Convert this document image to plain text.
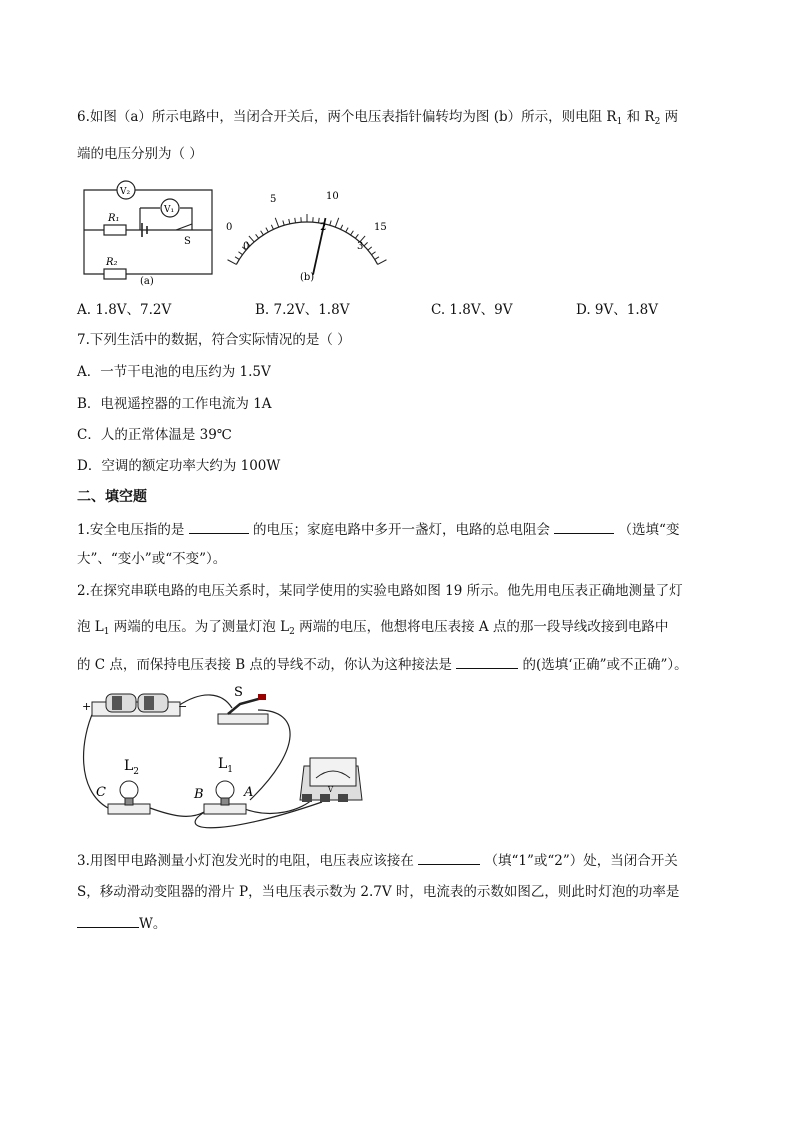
6.如图（a）所示电路中，当闭合开关后，两个电压表指针偏转均为图 (b）所示，则电阻 $R_1$ 和 $R_2$ 两
端的电压分别为（ ）
V₂
V₁
R₁
S
R₂
(a)
0
5	10
15
0
2
3
(b)
A. 1.8V、7.2V	B. 7.2V、1.8V	C. 1.8V、9V	D. 9V、1.8V
7.下列生活中的数据，符合实际情况的是（ ）
A．一节干电池的电压约为 1.5V
B．电视遥控器的工作电流为 1A
C．人的正常体温是 39℃
D．空调的额定功率大约为 100W
二、填空题
1.安全电压指的是	的电压；家庭电路中多开一盏灯，电路的总电阻会	（选填“变
大”、“变小”或“不变”）。
2.在探究串联电路的电压关系时，某同学使用的实验电路如图 19 所示。他先用电压表正确地测量了灯
泡 $L_1$ 两端的电压。为了测量灯泡 $L_2$ 两端的电压，他想将电压表接 A 点的那一段导线改接到电路中
的 C 点，而保持电压表接 B 点的导线不动，你认为这种接法是	的(选填‘正确”或不正确”）。
+	−
S
$L_2$
C
$L_1$
B	A	V
3.用图甲电路测量小灯泡发光时的电阻，电压表应该接在	（填“1”或“2”）处，当闭合开关
S，移动滑动变阻器的滑片 P，当电压表示数为 2.7V 时，电流表的示数如图乙，则此时灯泡的功率是
W。
